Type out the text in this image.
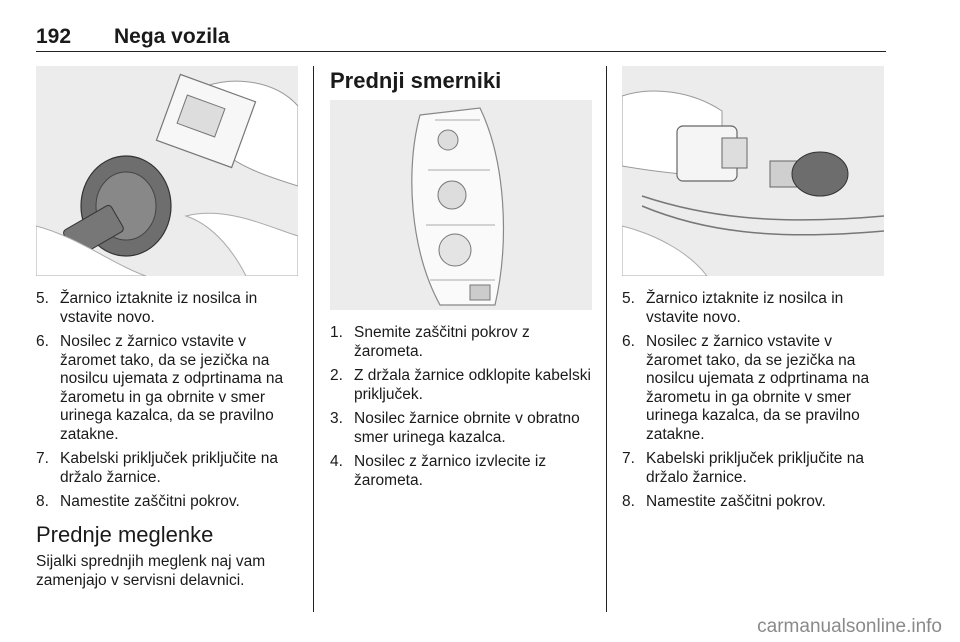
192 Nega vozila
5. Žarnico iztaknite iz nosilca in vstavite novo.
6. Nosilec z žarnico vstavite v žaromet tako, da se jezička na nosilcu ujemata z odprtinama na žarometu in ga obrnite v smer urinega kazalca, da se pravilno zatakne.
7. Kabelski priključek priključite na držalo žarnice.
8. Namestite zaščitni pokrov.
Prednje meglenke
Sijalki sprednjih meglenk naj vam zamenjajo v servisni delavnici.
Prednji smerniki
1. Snemite zaščitni pokrov z žarometa.
2. Z držala žarnice odklopite kabelski priključek.
3. Nosilec žarnice obrnite v obratno smer urinega kazalca.
4. Nosilec z žarnico izvlecite iz žarometa.
5. Žarnico iztaknite iz nosilca in vstavite novo.
6. Nosilec z žarnico vstavite v žaromet tako, da se jezička na nosilcu ujemata z odprtinama na žarometu in ga obrnite v smer urinega kazalca, da se pravilno zatakne.
7. Kabelski priključek priključite na držalo žarnice.
8. Namestite zaščitni pokrov.
carmanualsonline.info
